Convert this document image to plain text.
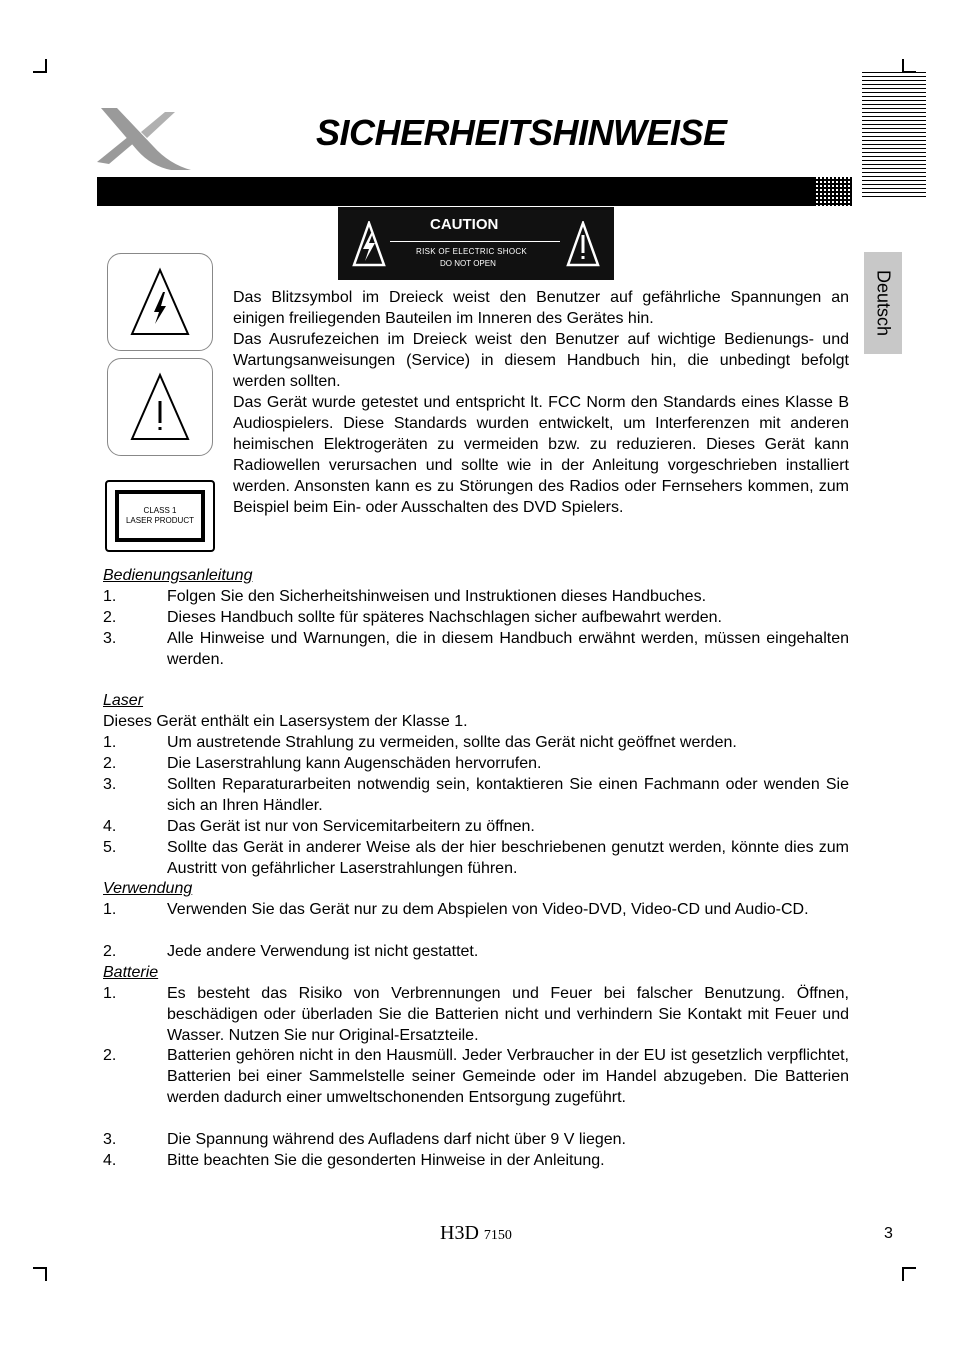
SICHERHEITSHINWEISE
Deutsch
CAUTION
RISK OF ELECTRIC SHOCK
DO NOT OPEN
CLASS 1
LASER PRODUCT
Das Blitzsymbol im Dreieck weist den Benutzer auf gefährliche Spannungen an einigen freiliegenden Bauteilen im Inneren des Gerätes hin.
Das Ausrufezeichen im Dreieck weist den Benutzer auf wichtige Bedienungs- und Wartungsanweisungen (Service) in diesem Handbuch hin, die unbedingt befolgt werden sollten.
Das Gerät wurde getestet und entspricht lt. FCC Norm den Standards eines Klasse B Audiospielers. Diese Standards wurden entwickelt, um Interferenzen mit anderen heimischen Elektrogeräten zu vermeiden bzw. zu reduzieren. Dieses Gerät kann Radiowellen verursachen und sollte wie in der Anleitung vorgeschrieben installiert werden. Ansonsten kann es zu Störungen des Radios oder Fernsehers kommen, zum Beispiel beim Ein- oder Ausschalten des DVD Spielers.
Bedienungsanleitung
1.	Folgen Sie den Sicherheitshinweisen und Instruktionen dieses Handbuches.
2.	Dieses Handbuch sollte für späteres Nachschlagen sicher aufbewahrt werden.
3.	Alle Hinweise und Warnungen, die in diesem Handbuch erwähnt werden, müssen eingehalten werden.
Laser
Dieses Gerät enthält ein Lasersystem der Klasse 1.
1.	Um austretende Strahlung zu vermeiden, sollte das Gerät nicht geöffnet werden.
2.	Die Laserstrahlung kann Augenschäden hervorrufen.
3.	Sollten Reparaturarbeiten notwendig sein, kontaktieren Sie einen Fachmann oder wenden Sie sich an Ihren Händler.
4.	Das Gerät ist nur von Servicemitarbeitern zu öffnen.
5.	Sollte das Gerät in anderer Weise als der hier beschriebenen genutzt werden, könnte dies zum Austritt von gefährlicher Laserstrahlungen führen.
Verwendung
1.	Verwenden Sie das Gerät nur zu dem Abspielen von Video-DVD, Video-CD und Audio-CD.
2.	Jede andere Verwendung ist nicht gestattet.
Batterie
1.	Es besteht das Risiko von Verbrennungen und Feuer bei falscher Benutzung. Öffnen, beschädigen oder überladen Sie die Batterien nicht und verhindern Sie Kontakt mit Feuer und Wasser. Nutzen Sie nur Original-Ersatzteile.
2.	Batterien gehören nicht in den Hausmüll. Jeder Verbraucher in der EU ist gesetzlich verpflichtet, Batterien bei einer Sammelstelle seiner Gemeinde oder im Handel abzugeben. Die Batterien werden dadurch einer umweltschonenden Entsorgung zugeführt.
3.	Die Spannung während des Aufladens darf nicht über 9 V liegen.
4.	Bitte beachten Sie die gesonderten Hinweise in der Anleitung.
H3D 7150	3
